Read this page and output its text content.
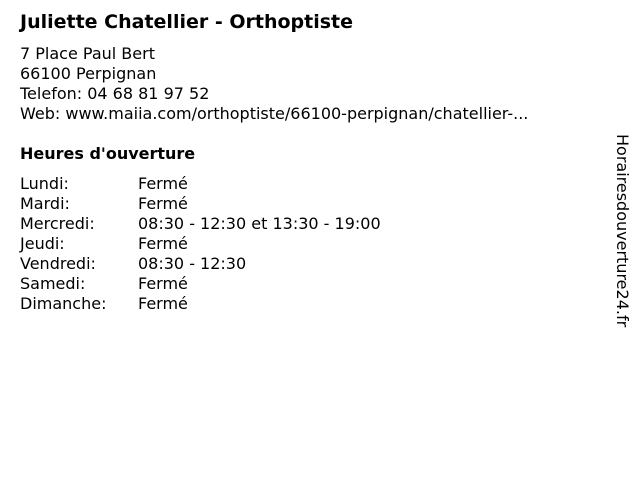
Juliette Chatellier - Orthoptiste
7 Place Paul Bert
66100 Perpignan
Telefon: 04 68 81 97 52
Web: www.maiia.com/orthoptiste/66100-perpignan/chatellier-...
Heures d'ouverture
Lundi:	Fermé
Mardi:	Fermé
Mercredi:	08:30 - 12:30 et 13:30 - 19:00
Jeudi:	Fermé
Vendredi:	08:30 - 12:30
Samedi:	Fermé
Dimanche: Fermé	Horairesdouverture24.fr
